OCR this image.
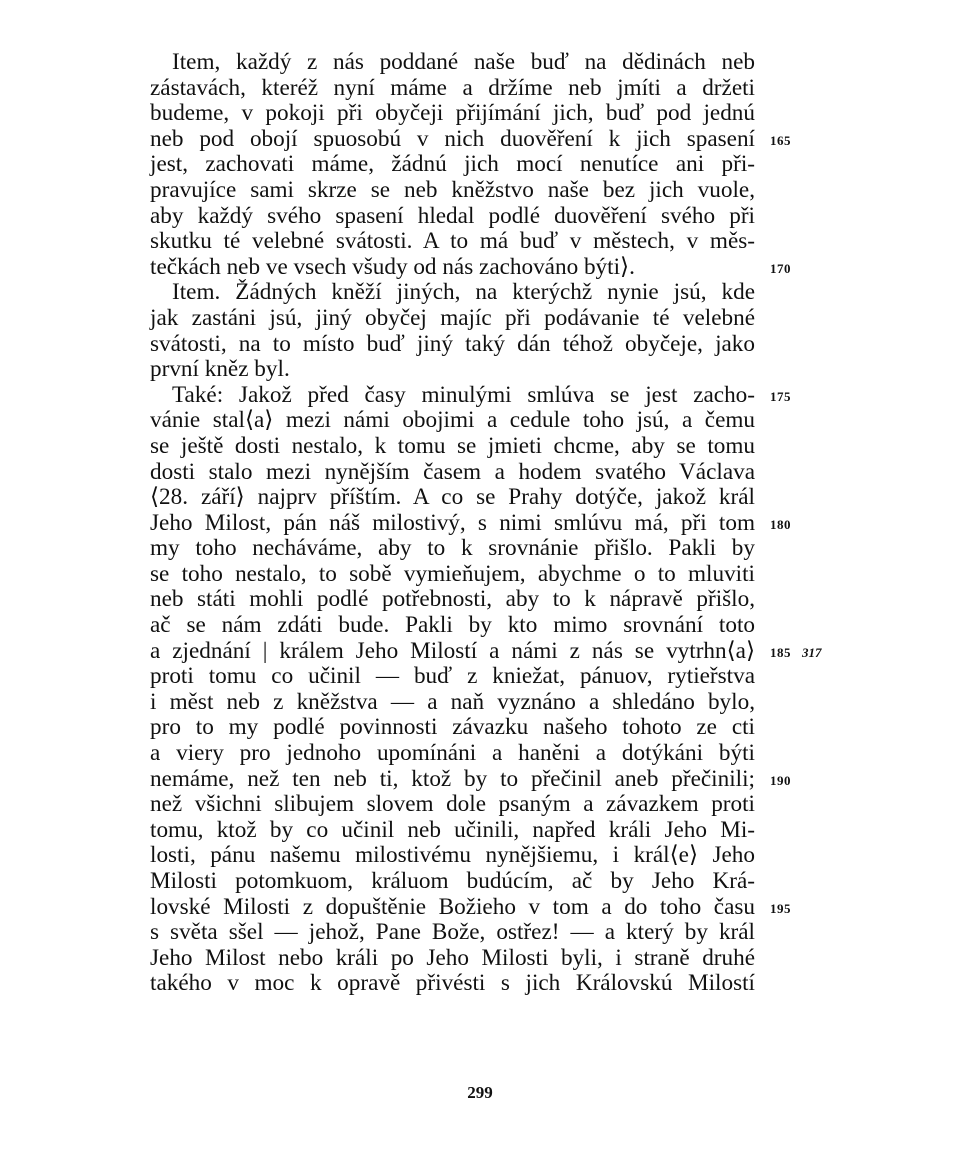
Item, každý z nás poddané naše buď na dědinách neb
zástavách, kteréž nyní máme a držíme neb jmíti a držeti
budeme, v pokoji při obyčeji přijímání jich, buď pod jednú
neb pod obojí spuosobú v nich duověření k jich spasení 165
jest, zachovati máme, žádnú jich mocí nenutíce ani při-
pravujíce sami skrze se neb kněžstvo naše bez jich vuole,
aby každý svého spasení hledal podlé duověření svého při
skutku té velebné svátosti. A to má buď v městech, v měs-
tečkách neb ve vsech všudy od nás zachováno býti⟩.	170
Item. Žádných kněží jiných, na kterýchž nynie jsú, kde
jak zastáni jsú, jiný obyčej majíc při podávanie té velebné
svátosti, na to místo buď jiný taký dán téhož obyčeje, jako
první kněz byl.
Také: Jakož před časy minulými smlúva se jest zacho- 175
vánie stal⟨a⟩ mezi námi obojimi a cedule toho jsú, a čemu
se ještě dosti nestalo, k tomu se jmieti chcme, aby se tomu
dosti stalo mezi nynějším časem a hodem svatého Václava
⟨28. září⟩ najprv příštím. A co se Prahy dotýče, jakož král
Jeho Milost, pán náš milostivý, s nimi smlúvu má, při tom 180
my toho necháváme, aby to k srovnánie přišlo. Pakli by
se toho nestalo, to sobě vymieňujem, abychme o to mluviti
neb státi mohli podlé potřebnosti, aby to k nápravě přišlo,
ač se nám zdáti bude. Pakli by kto mimo srovnání toto
a zjednání | králem Jeho Milostí a námi z nás se vytrhn⟨a⟩ 185 317
proti tomu co učinil — buď z kniežat, pánuov, rytieřstva
i měst neb z kněžstva — a naň vyznáno a shledáno bylo,
pro to my podlé povinnosti závazku našeho tohoto ze cti
a viery pro jednoho upomínáni a haněni a dotýkáni býti
nemáme, než ten neb ti, ktož by to přečinil aneb přečinili; 190
než všichni slibujem slovem dole psaným a závazkem proti
tomu, ktož by co učinil neb učinili, napřed králi Jeho Mi-
losti, pánu našemu milostivému nynějšiemu, i král⟨e⟩ Jeho
Milosti potomkuom, králuom budúcím, ač by Jeho Krá-
lovské Milosti z dopuštěnie Božieho v tom a do toho času 195
s světa sšel — jehož, Pane Bože, ostřez! — a který by král
Jeho Milost nebo králi po Jeho Milosti byli, i straně druhé
takého v moc k opravě přivésti s jich Královskú Milostí
299
